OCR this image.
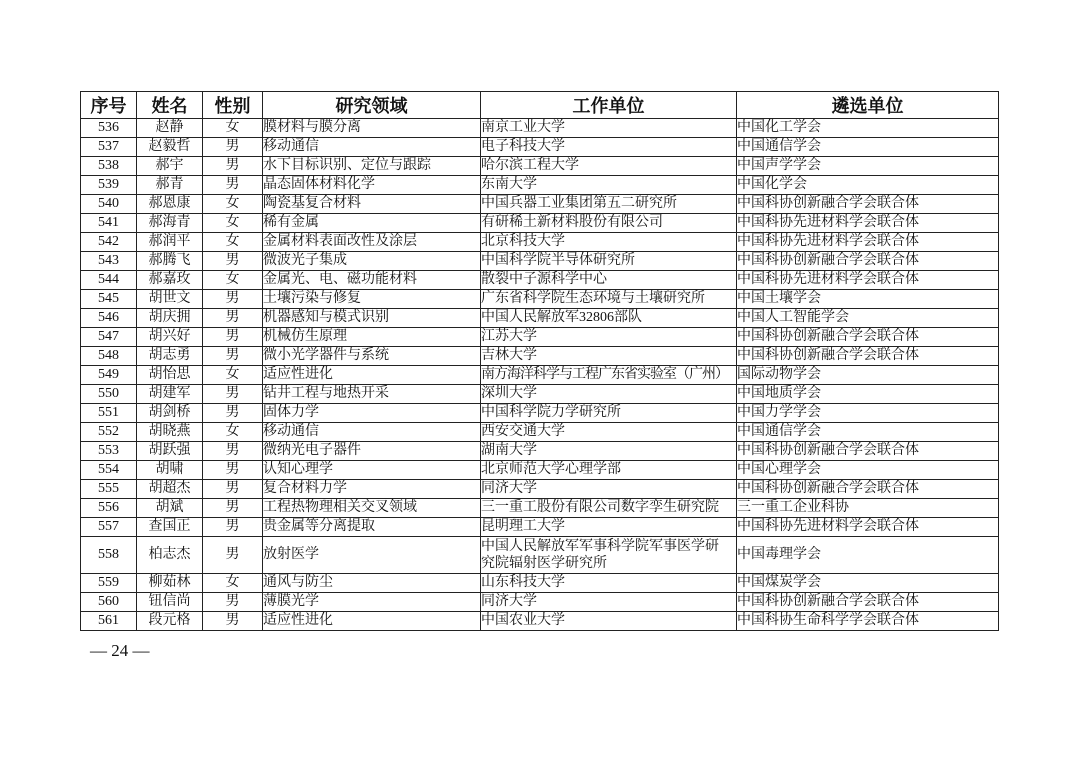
序号	姓名	性别	研究领域	工作单位	遴选单位
536	赵静	女	膜材料与膜分离	南京工业大学	中国化工学会
537	赵毅哲	男	移动通信	电子科技大学	中国通信学会
538	郝宇	男	水下目标识别、定位与跟踪	哈尔滨工程大学	中国声学学会
539	郝青	男	晶态固体材料化学	东南大学	中国化学会
540	郝恩康	女	陶瓷基复合材料	中国兵器工业集团第五二研究所	中国科协创新融合学会联合体
541	郝海青	女	稀有金属	有研稀土新材料股份有限公司	中国科协先进材料学会联合体
542	郝润平	女	金属材料表面改性及涂层	北京科技大学	中国科协先进材料学会联合体
543	郝腾飞	男	微波光子集成	中国科学院半导体研究所	中国科协创新融合学会联合体
544	郝嘉玫	女	金属光、电、磁功能材料	散裂中子源科学中心	中国科协先进材料学会联合体
545	胡世文	男	土壤污染与修复	广东省科学院生态环境与土壤研究所	中国土壤学会
546	胡庆拥	男	机器感知与模式识别	中国人民解放军32806部队	中国人工智能学会
547	胡兴好	男	机械仿生原理	江苏大学	中国科协创新融合学会联合体
548	胡志勇	男	微小光学器件与系统	吉林大学	中国科协创新融合学会联合体
549	胡怡思	女	适应性进化	南方海洋科学与工程广东省实验室（广州）	国际动物学会
550	胡建军	男	钻井工程与地热开采	深圳大学	中国地质学会
551	胡剑桥	男	固体力学	中国科学院力学研究所	中国力学学会
552	胡晓燕	女	移动通信	西安交通大学	中国通信学会
553	胡跃强	男	微纳光电子器件	湖南大学	中国科协创新融合学会联合体
554	胡啸	男	认知心理学	北京师范大学心理学部	中国心理学会
555	胡超杰	男	复合材料力学	同济大学	中国科协创新融合学会联合体
556	胡斌	男	工程热物理相关交叉领域	三一重工股份有限公司数字孪生研究院	三一重工企业科协
557	查国正	男	贵金属等分离提取	昆明理工大学	中国科协先进材料学会联合体
558	柏志杰	男	放射医学	中国人民解放军军事科学院军事医学研究院辐射医学研究所	中国毒理学会
559	柳茹林	女	通风与防尘	山东科技大学	中国煤炭学会
560	钮信尚	男	薄膜光学	同济大学	中国科协创新融合学会联合体
561	段元格	男	适应性进化	中国农业大学	中国科协生命科学学会联合体
— 24 —
